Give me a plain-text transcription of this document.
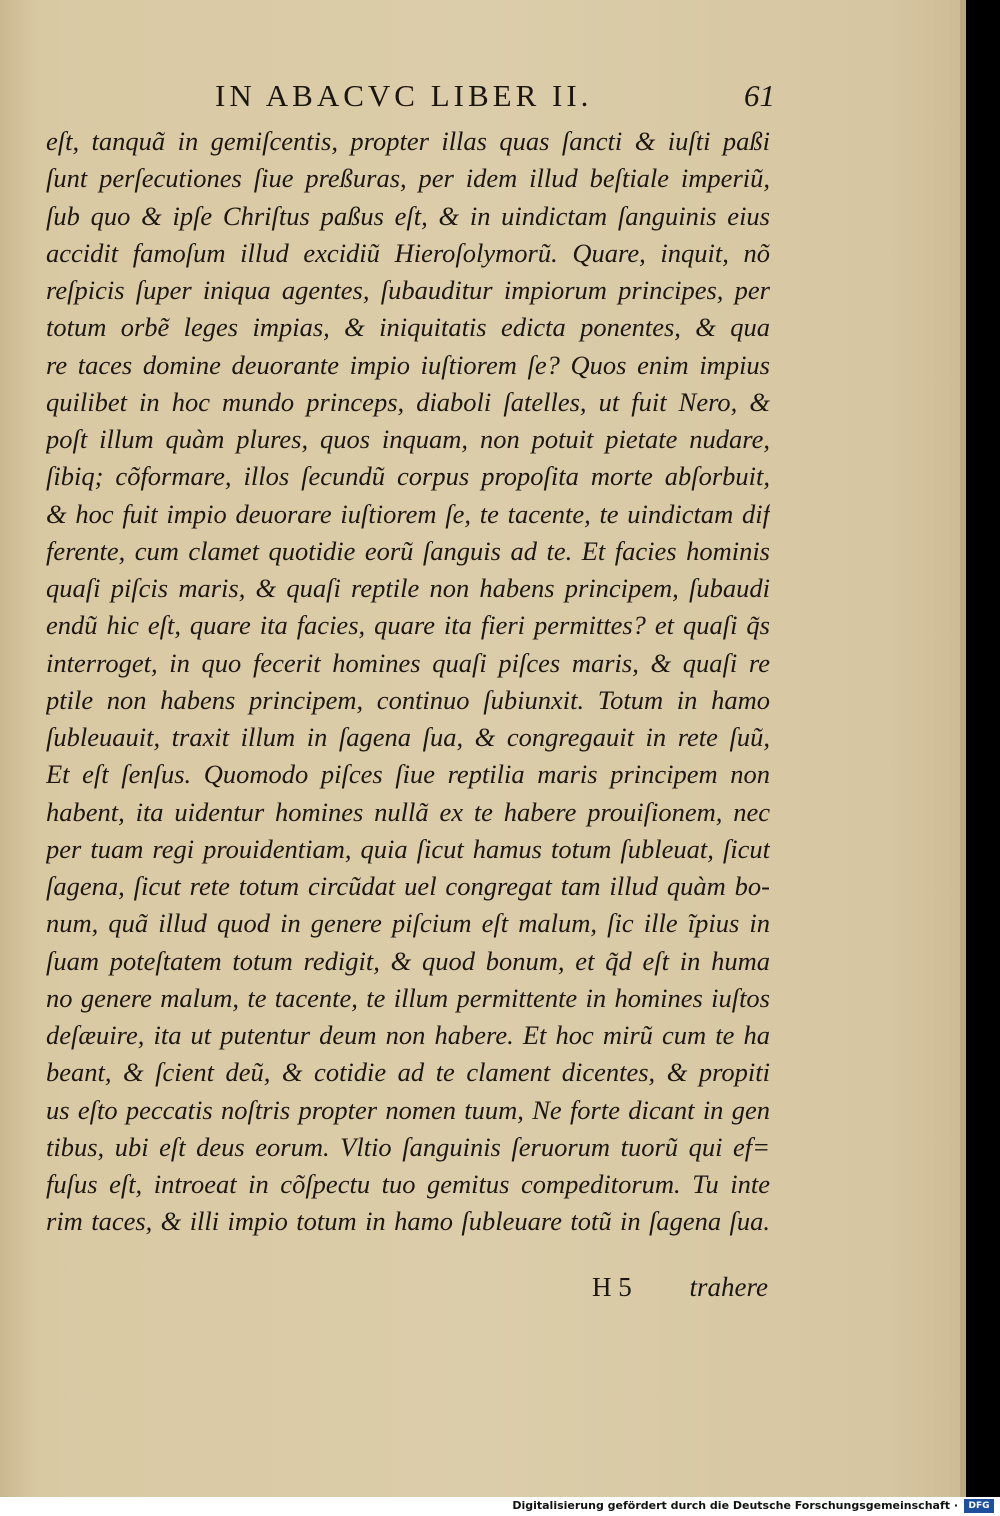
IN ABACVC LIBER II.	61
eſt, tanquã in gemiſcentis, propter illas quas ſancti & iuſti paßi
ſunt perſecutiones ſiue preßuras, per idem illud beſtiale imperiũ,
ſub quo & ipſe Chriſtus paßus eſt, & in uindictam ſanguinis eius
accidit famoſum illud excidiũ Hieroſolymorũ. Quare, inquit, nõ
reſpicis ſuper iniqua agentes, ſubauditur impiorum principes, per
totum orbẽ leges impias, & iniquitatis edicta ponentes, & qua
re taces domine deuorante impio iuſtiorem ſe? Quos enim impius
quilibet in hoc mundo princeps, diaboli ſatelles, ut fuit Nero, &
poſt illum quàm plures, quos inquam, non potuit pietate nudare,
ſibiq; cõformare, illos ſecundũ corpus propoſita morte abſorbuit,
& hoc fuit impio deuorare iuſtiorem ſe, te tacente, te uindictam dif
ferente, cum clamet quotidie eorũ ſanguis ad te. Et facies hominis
quaſi piſcis maris, & quaſi reptile non habens principem, ſubaudi
endũ hic eſt, quare ita facies, quare ita fieri permittes? et quaſi q̃s
interroget, in quo fecerit homines quaſi piſces maris, & quaſi re
ptile non habens principem, continuo ſubiunxit. Totum in hamo
ſubleuauit, traxit illum in ſagena ſua, & congregauit in rete ſuũ,
Et eſt ſenſus. Quomodo piſces ſiue reptilia maris principem non
habent, ita uidentur homines nullã ex te habere prouiſionem, nec
per tuam regi prouidentiam, quia ſicut hamus totum ſubleuat, ſicut
ſagena, ſicut rete totum circũdat uel congregat tam illud quàm bo-
num, quã illud quod in genere piſcium eſt malum, ſic ille ĩpius in
ſuam poteſtatem totum redigit, & quod bonum, et q̃d eſt in huma
no genere malum, te tacente, te illum permittente in homines iuſtos
deſæuire, ita ut putentur deum non habere. Et hoc mirũ cum te ha
beant, & ſcient deũ, & cotidie ad te clament dicentes, & propiti
us eſto peccatis noſtris propter nomen tuum, Ne forte dicant in gen
tibus, ubi eſt deus eorum. Vltio ſanguinis ſeruorum tuorũ qui ef=
fuſus eſt, introeat in cõſpectu tuo gemitus compeditorum. Tu inte
rim taces, & illi impio totum in hamo ſubleuare totũ in ſagena ſua.
H 5 trahere
Digitalisierung gefördert durch die Deutsche Forschungsgemeinschaft ·	DFG
